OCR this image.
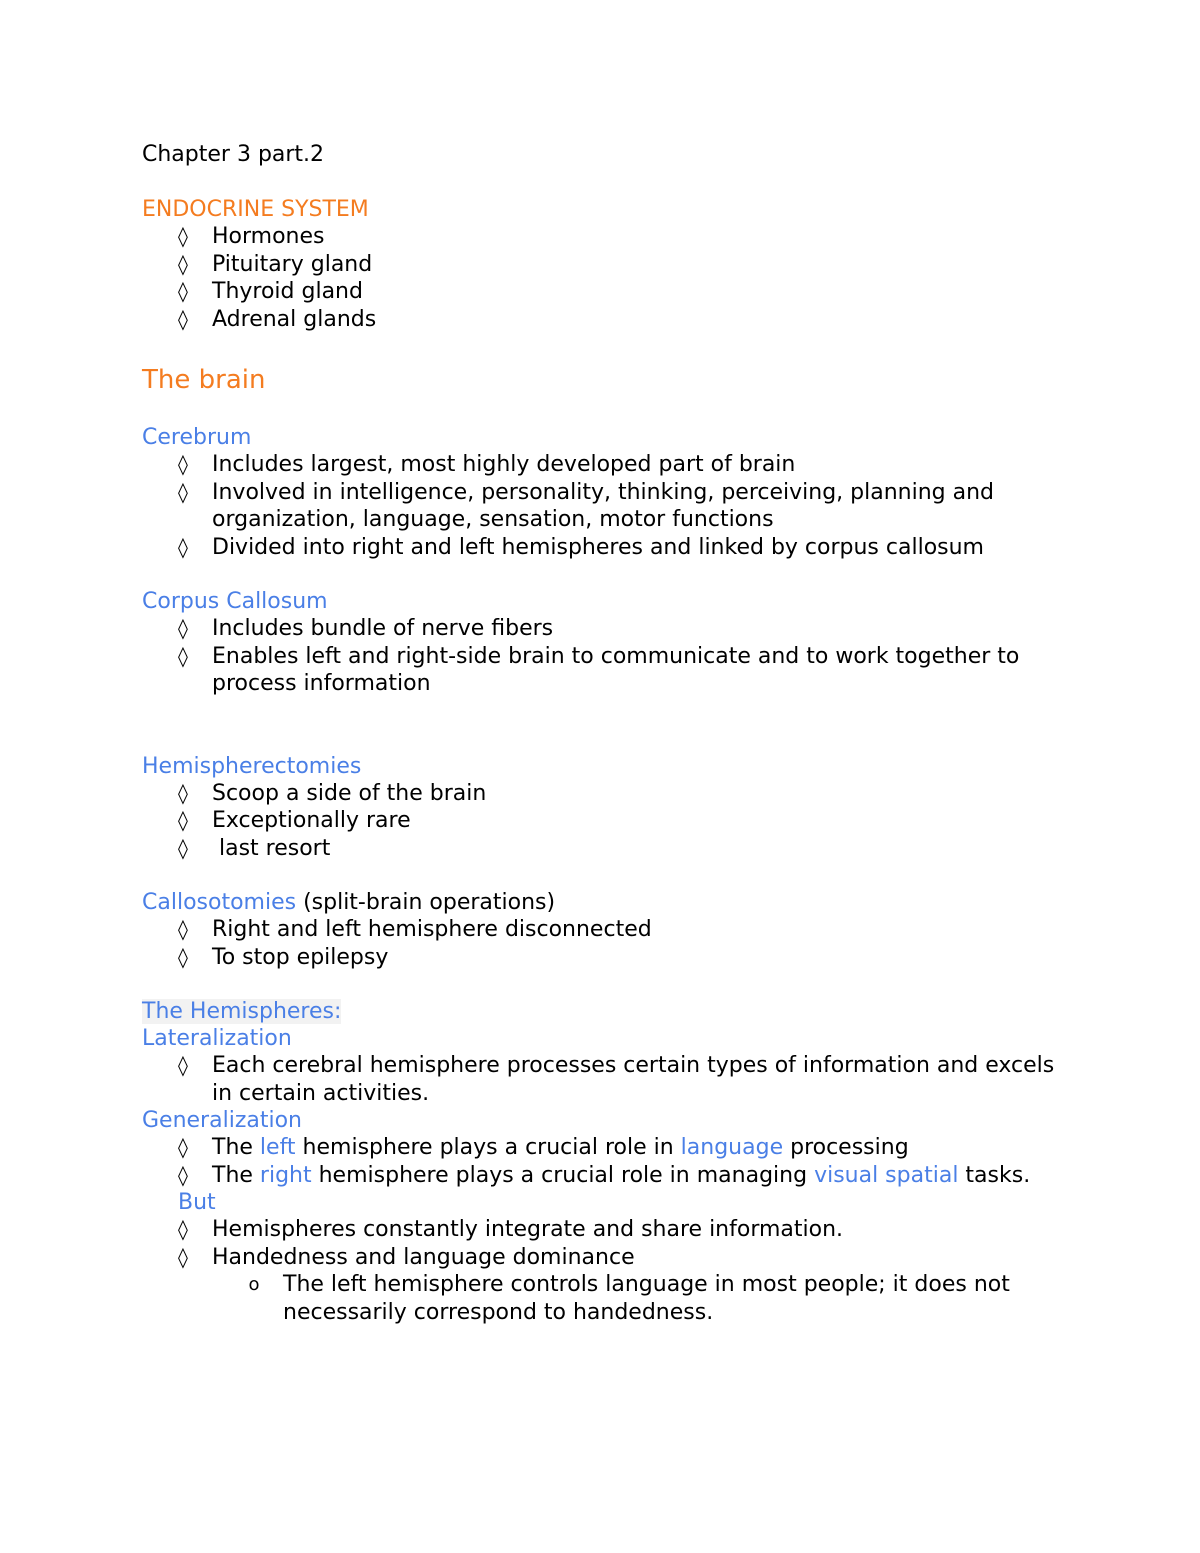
Chapter 3 part.2
ENDOCRINE SYSTEM
◊ Hormones
◊ Pituitary gland
◊ Thyroid gland
◊ Adrenal glands
The brain
Cerebrum
◊ Includes largest, most highly developed part of brain
◊ Involved in intelligence, personality, thinking, perceiving, planning and organization, language, sensation, motor functions
◊ Divided into right and left hemispheres and linked by corpus callosum
Corpus Callosum
◊ Includes bundle of nerve fibers
◊ Enables left and right-side brain to communicate and to work together to process information
Hemispherectomies
◊ Scoop a side of the brain
◊ Exceptionally rare
◊ last resort
Callosotomies (split-brain operations)
◊ Right and left hemisphere disconnected
◊ To stop epilepsy
The Hemispheres:
Lateralization
◊ Each cerebral hemisphere processes certain types of information and excels in certain activities.
Generalization
◊ The left hemisphere plays a crucial role in language processing
◊ The right hemisphere plays a crucial role in managing visual spatial tasks.
But
◊ Hemispheres constantly integrate and share information.
◊ Handedness and language dominance
o The left hemisphere controls language in most people; it does not necessarily correspond to handedness.
